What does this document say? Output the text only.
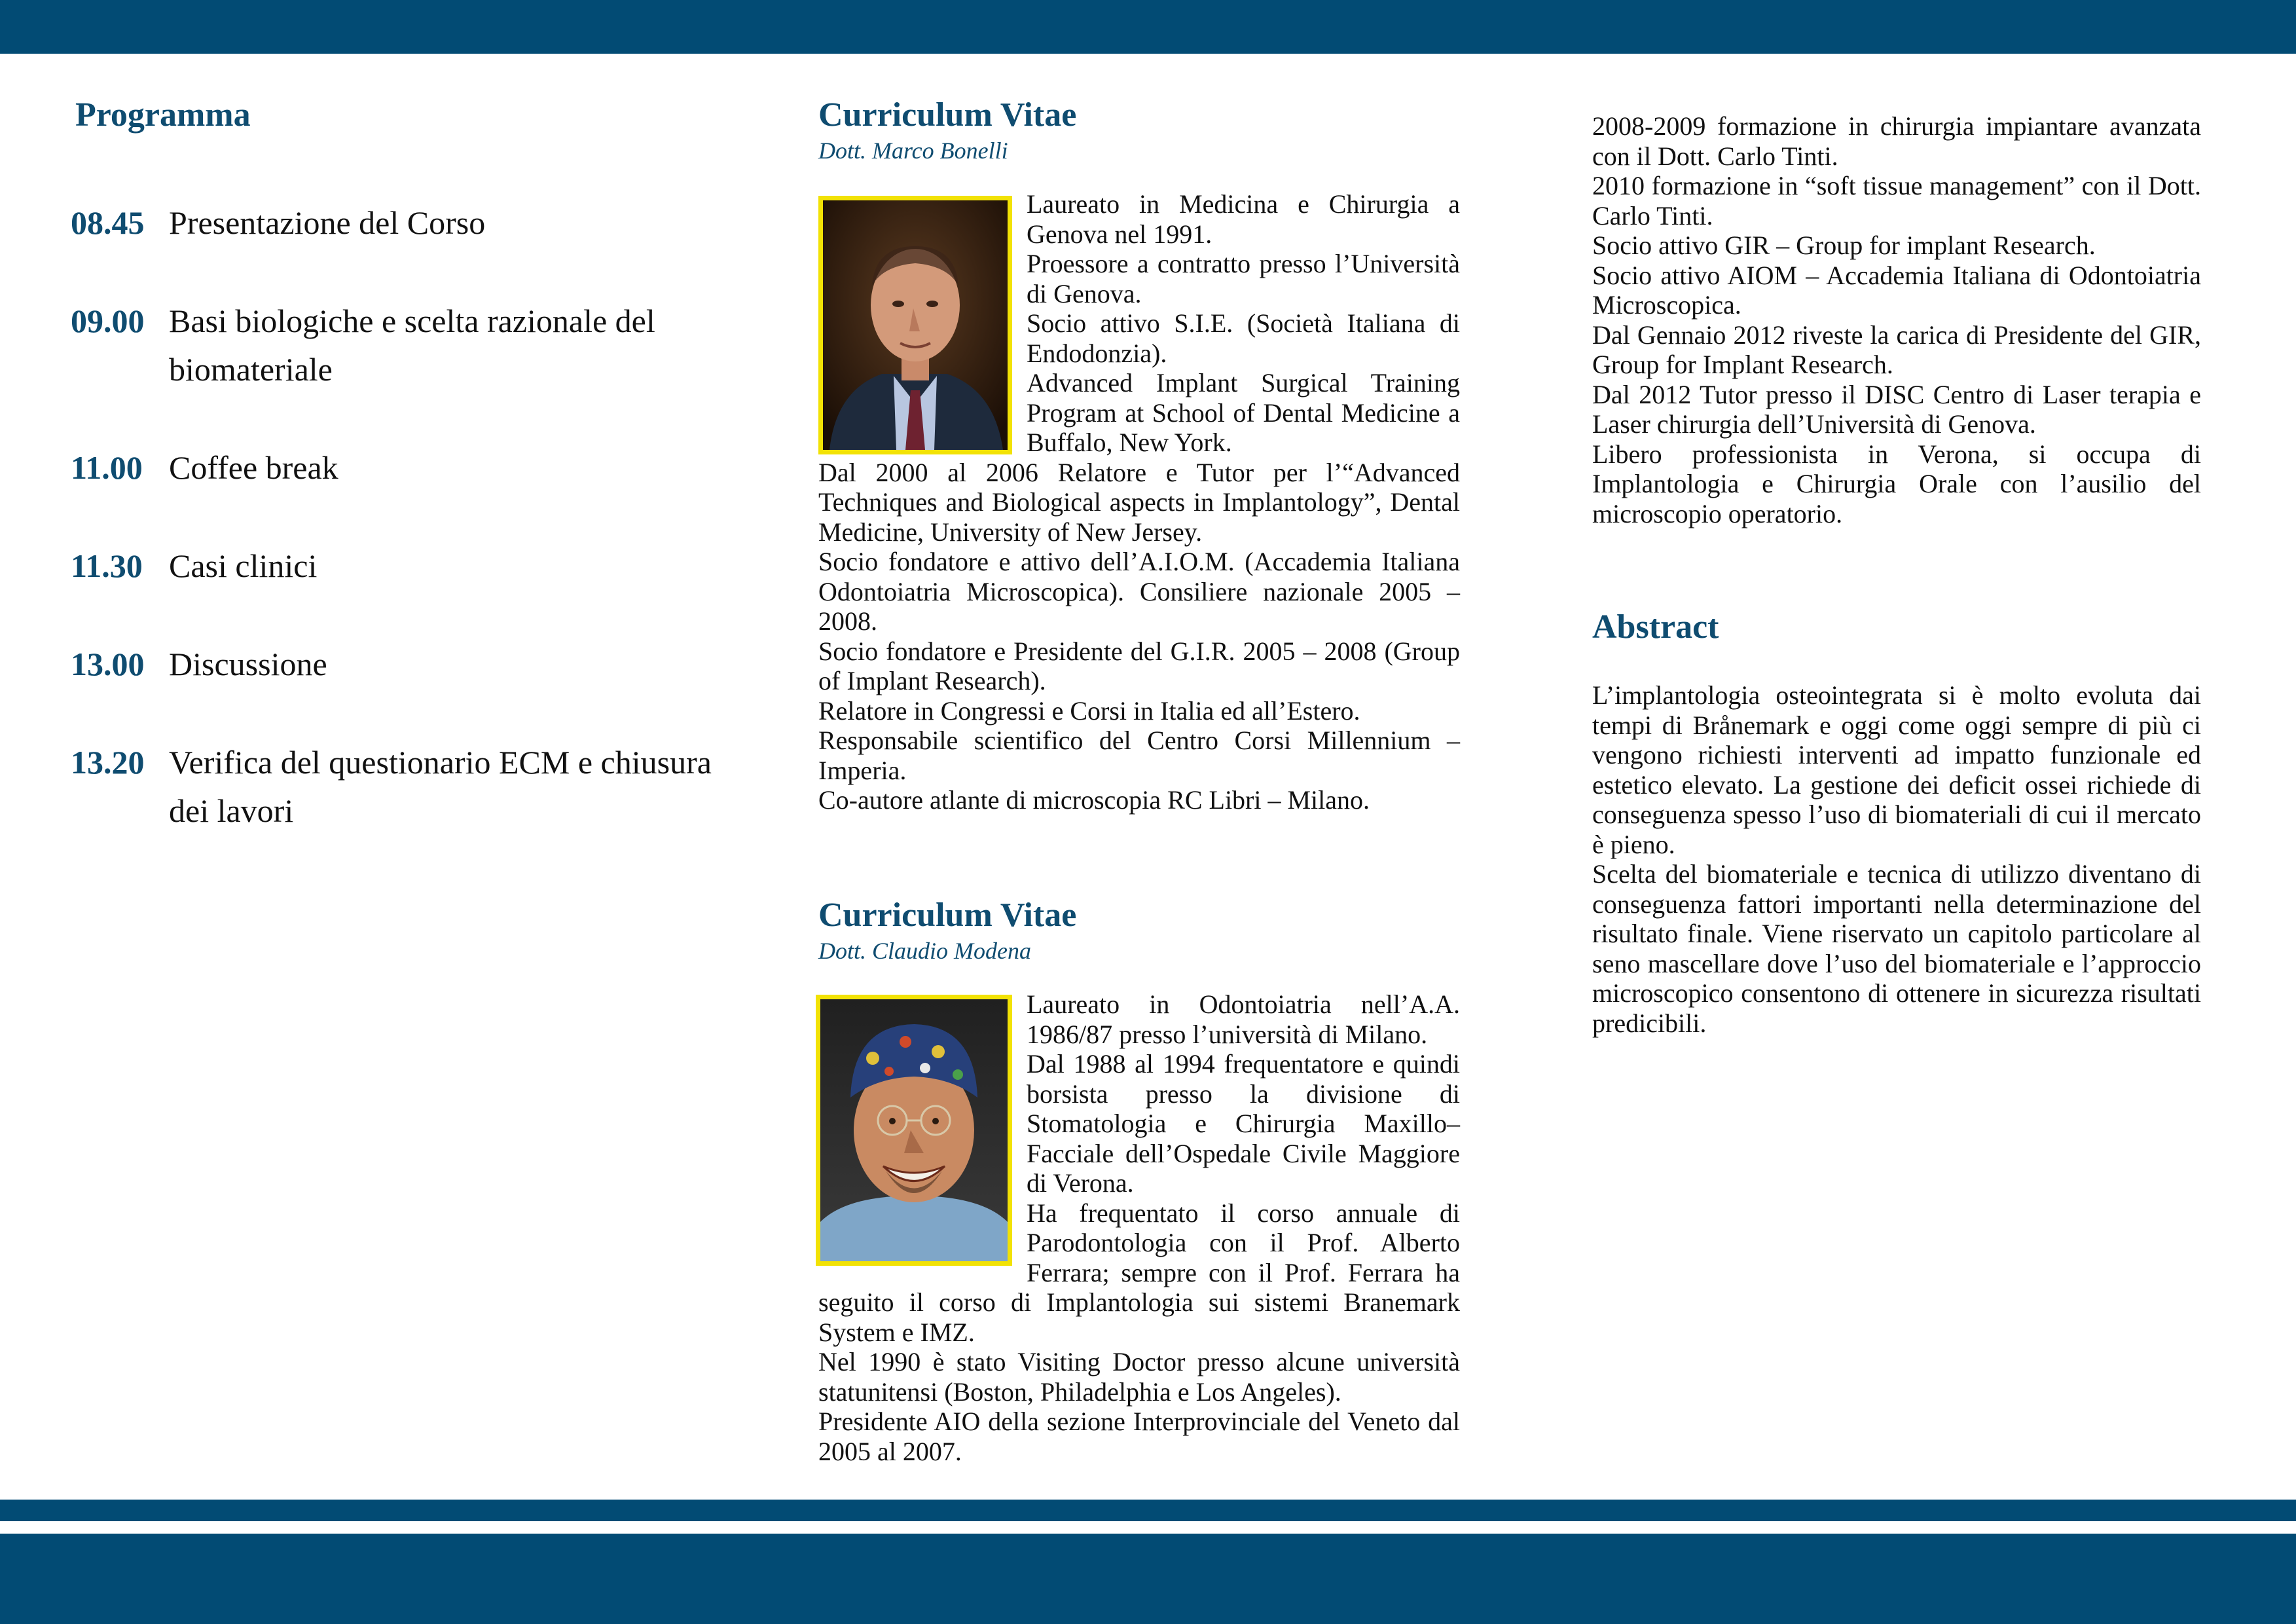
Programma
08.45 Presentazione del Corso
09.00 Basi biologiche e scelta razionale del biomateriale
11.00 Coffee break
11.30 Casi clinici
13.00 Discussione
13.20 Verifica del questionario ECM e chiusura dei lavori
Curriculum Vitae

Dott. Marco Bonelli

Laureato in Medicina e Chirurgia a Genova nel 1991.

Proessore a contratto presso l’Università di Genova.

Socio attivo S.I.E. (Società Italiana di Endodonzia).

Advanced Implant Surgical Training Program at School of Dental Medicine a Buffalo, New York.

Dal 2000 al 2006 Relatore e Tutor per l’“Advanced Techniques and Biological aspects in Implantology”, Dental Medicine, University of New Jersey.

Socio fondatore e attivo dell’A.I.O.M. (Accademia Italiana Odontoiatria Microscopica). Consiliere nazionale 2005 – 2008.

Socio fondatore e Presidente del G.I.R. 2005 – 2008 (Group of Implant Research).

Relatore in Congressi e Corsi in Italia ed all’Estero.

Responsabile scientifico del Centro Corsi Millennium – Imperia.

Co-autore atlante di microscopia RC Libri – Milano.

Curriculum Vitae

Dott. Claudio Modena

Laureato in Odontoiatria nell’A.A. 1986/87 presso l’università di Milano.

Dal 1988 al 1994 frequentatore e quindi borsista presso la divisione di Stomatologia e Chirurgia Maxillo–Facciale dell’Ospedale Civile Maggiore di Verona.

Ha frequentato il corso annuale di Parodontologia con il Prof. Alberto Ferrara; sempre con il Prof. Ferrara ha seguito il corso di Implantologia sui sistemi Branemark System e IMZ.

Nel 1990 è stato Visiting Doctor presso alcune università statunitensi (Boston, Philadelphia e Los Angeles).

Presidente AIO della sezione Interprovinciale del Veneto dal 2005 al 2007.

2008-2009 formazione in chirurgia impiantare avanzata con il Dott. Carlo Tinti.

2010 formazione in “soft tissue management” con il Dott. Carlo Tinti.

Socio attivo GIR – Group for implant Research.

Socio attivo AIOM – Accademia Italiana di Odontoiatria Microscopica.

Dal Gennaio 2012 riveste la carica di Presidente del GIR, Group for Implant Research.

Dal 2012 Tutor presso il DISC Centro di Laser terapia e Laser chirurgia dell’Università di Genova.

Libero professionista in Verona, si occupa di Implantologia e Chirurgia Orale con l’ausilio del microscopio operatorio.

Abstract

L’implantologia osteointegrata si è molto evoluta dai tempi di Brånemark e oggi come oggi sempre di più ci vengono richiesti interventi ad impatto funzionale ed estetico elevato. La gestione dei deficit ossei richiede di conseguenza spesso l’uso di biomateriali di cui il mercato è pieno.

Scelta del biomateriale e tecnica di utilizzo diventano di conseguenza fattori importanti nella determinazione del risultato finale. Viene riservato un capitolo particolare al seno mascellare dove l’uso del biomateriale e l’approccio microscopico consentono di ottenere in sicurezza risultati predicibili.
